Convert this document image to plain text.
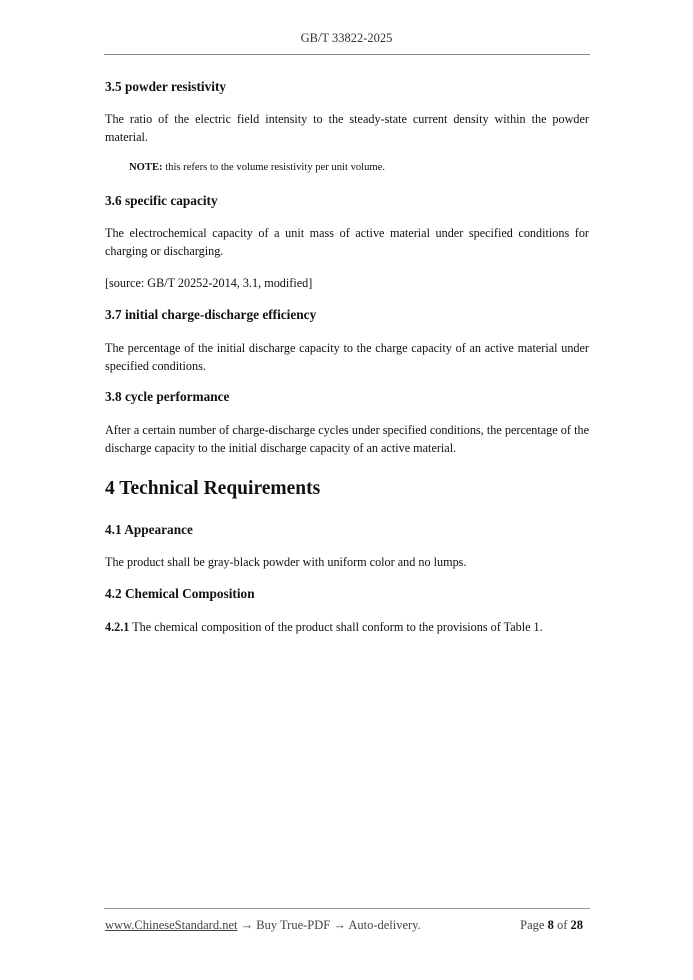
GB/T 33822-2025
3.5 powder resistivity
The ratio of the electric field intensity to the steady-state current density within the powder material.
NOTE: this refers to the volume resistivity per unit volume.
3.6 specific capacity
The electrochemical capacity of a unit mass of active material under specified conditions for charging or discharging.
[source: GB/T 20252-2014, 3.1, modified]
3.7 initial charge-discharge efficiency
The percentage of the initial discharge capacity to the charge capacity of an active material under specified conditions.
3.8 cycle performance
After a certain number of charge-discharge cycles under specified conditions, the percentage of the discharge capacity to the initial discharge capacity of an active material.
4 Technical Requirements
4.1 Appearance
The product shall be gray-black powder with uniform color and no lumps.
4.2 Chemical Composition
4.2.1 The chemical composition of the product shall conform to the provisions of Table 1.
www.ChineseStandard.net → Buy True-PDF → Auto-delivery.	Page 8 of 28
